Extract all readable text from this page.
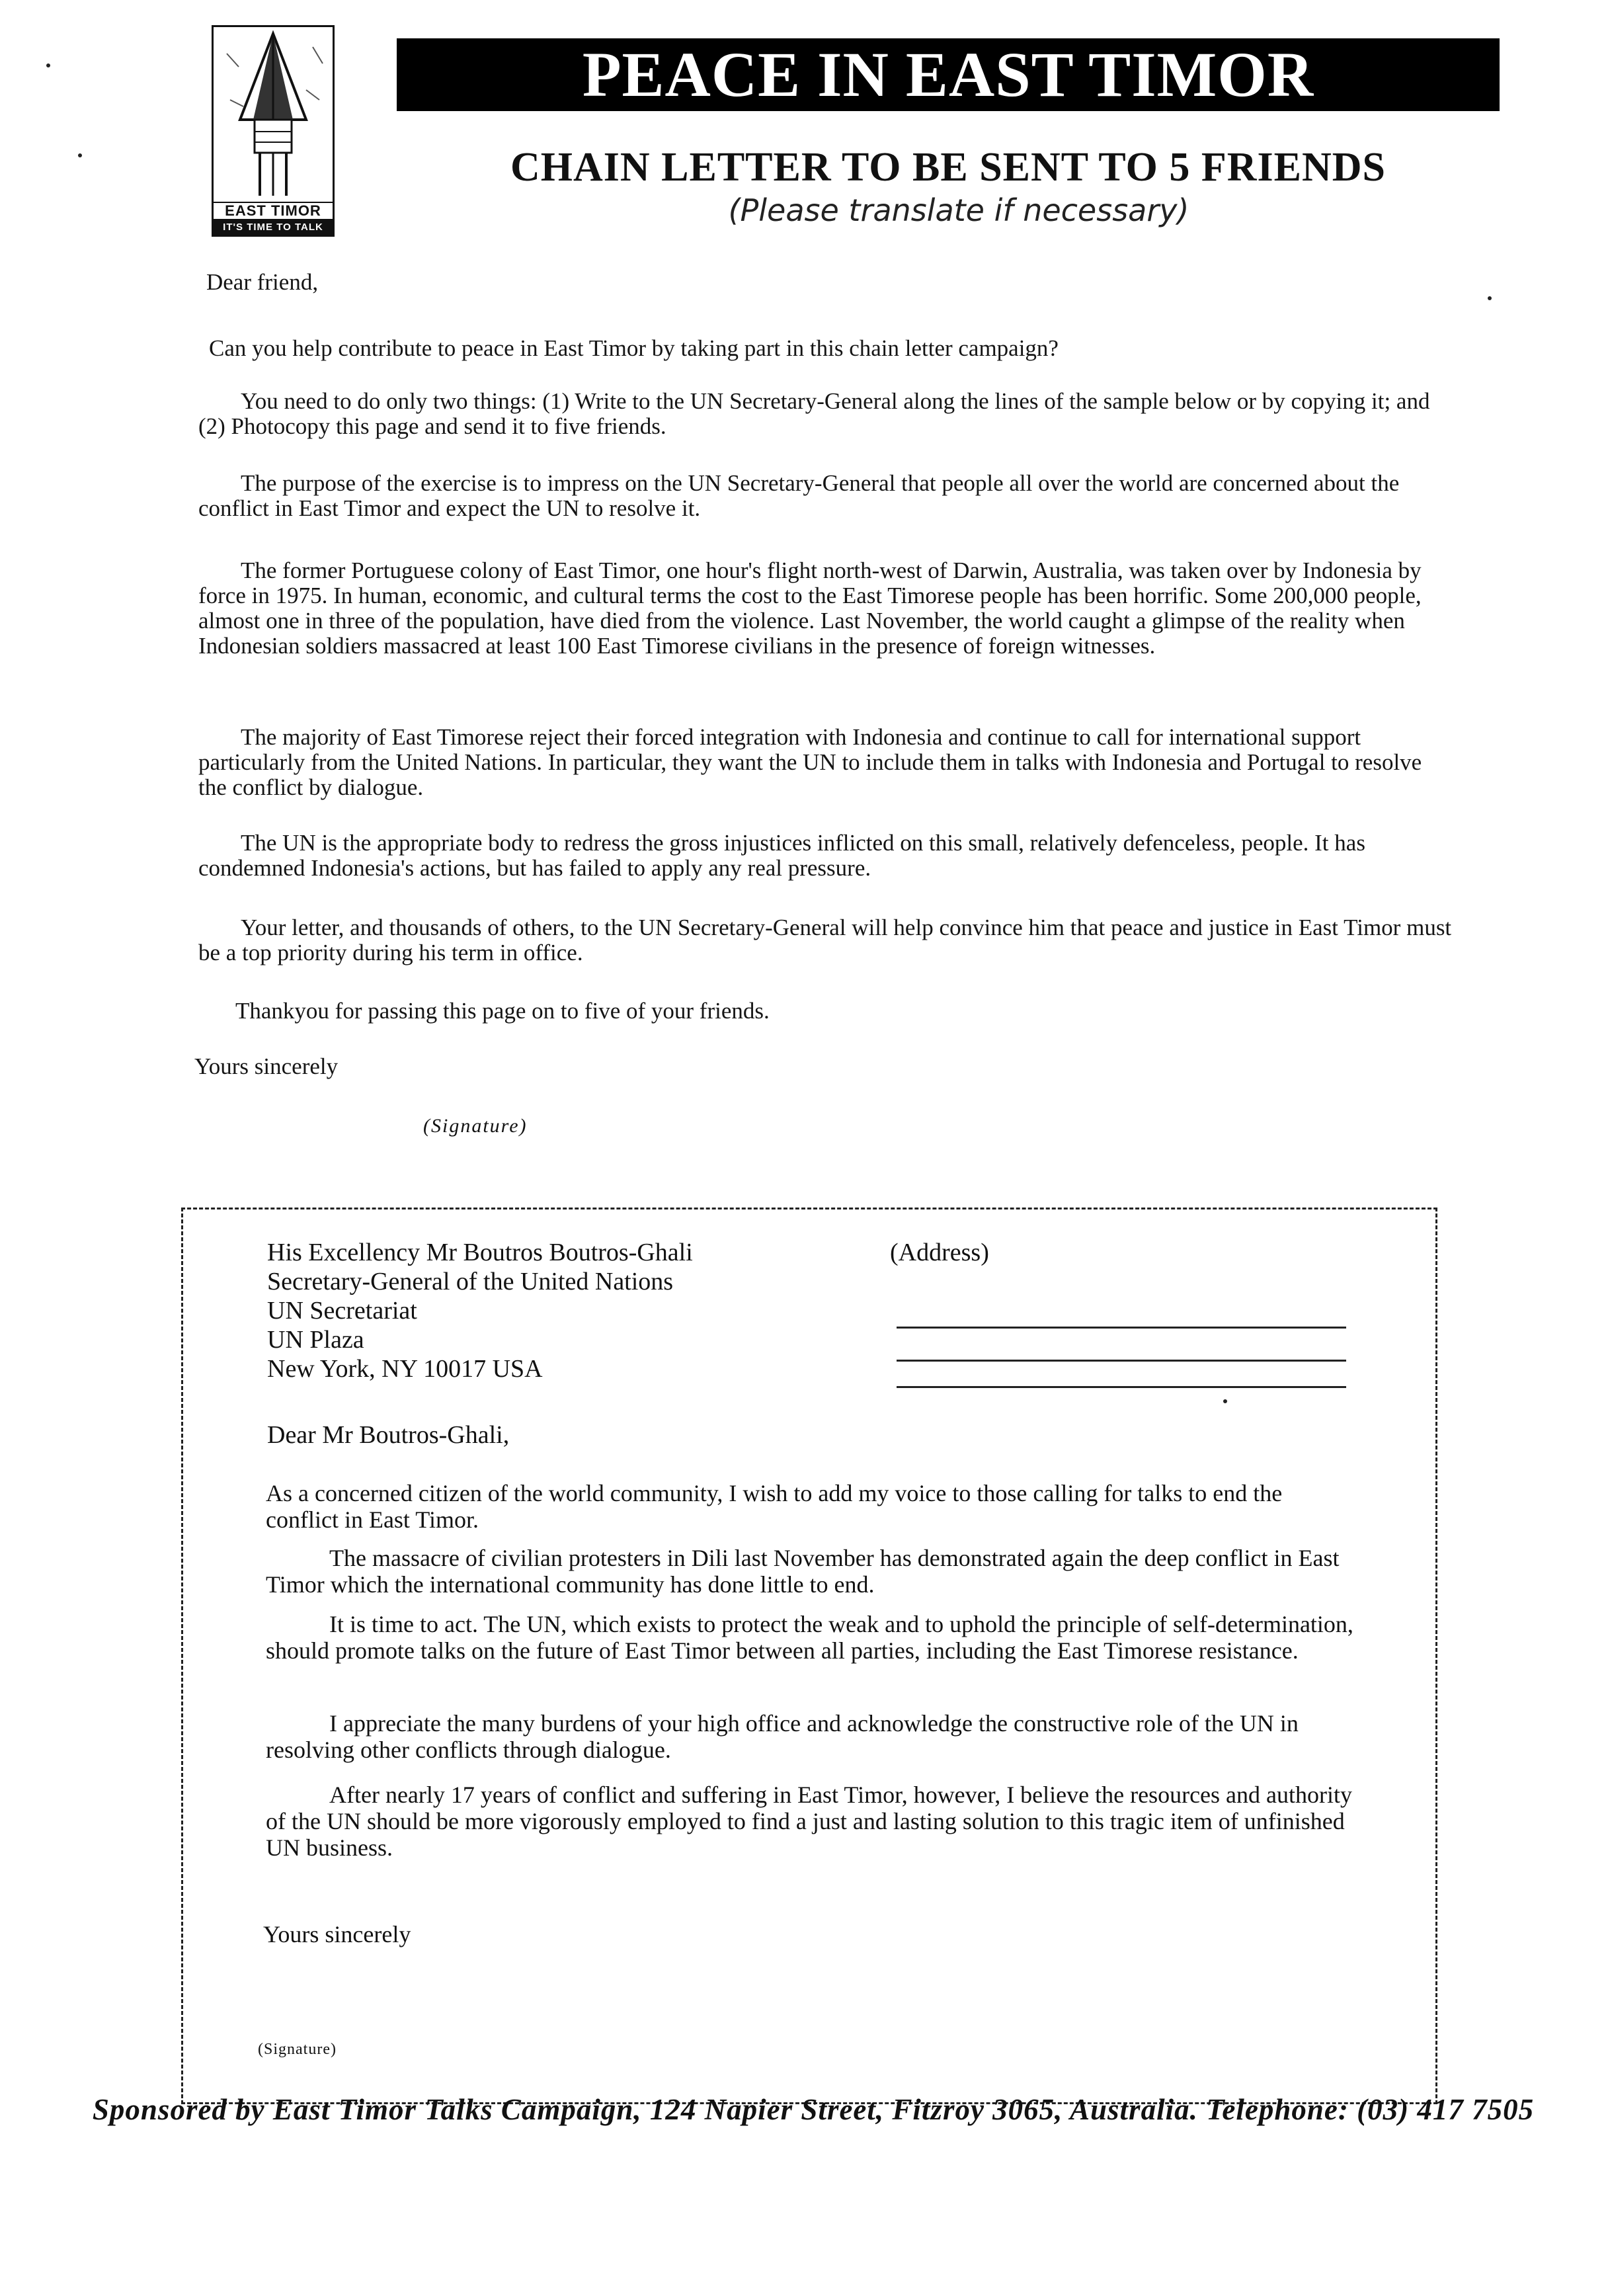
EAST TIMOR
IT'S TIME TO TALK
PEACE IN EAST TIMOR
CHAIN LETTER TO BE SENT TO 5 FRIENDS
(Please translate if necessary)
Dear friend,
Can you help contribute to peace in East Timor by taking part in this chain letter campaign?
You need to do only two things: (1) Write to the UN Secretary-General along the lines of the sample below or by copying it; and (2) Photocopy this page and send it to five friends.
The purpose of the exercise is to impress on the UN Secretary-General that people all over the world are concerned about the conflict in East Timor and expect the UN to resolve it.
The former Portuguese colony of East Timor, one hour's flight north-west of Darwin, Australia, was taken over by Indonesia by force in 1975. In human, economic, and cultural terms the cost to the East Timorese people has been horrific. Some 200,000 people, almost one in three of the population, have died from the violence. Last November, the world caught a glimpse of the reality when Indonesian soldiers massacred at least 100 East Timorese civilians in the presence of foreign witnesses.
The majority of East Timorese reject their forced integration with Indonesia and continue to call for international support particularly from the United Nations. In particular, they want the UN to include them in talks with Indonesia and Portugal to resolve the conflict by dialogue.
The UN is the appropriate body to redress the gross injustices inflicted on this small, relatively defenceless, people. It has condemned Indonesia's actions, but has failed to apply any real pressure.
Your letter, and thousands of others, to the UN Secretary-General will help convince him that peace and justice in East Timor must be a top priority during his term in office.
Thankyou for passing this page on to five of your friends.
Yours sincerely
(Signature)
His Excellency Mr Boutros Boutros-Ghali
Secretary-General of the United Nations
UN Secretariat
UN Plaza
New York, NY 10017 USA
(Address)
Dear Mr Boutros-Ghali,
As a concerned citizen of the world community, I wish to add my voice to those calling for talks to end the conflict in East Timor.
The massacre of civilian protesters in Dili last November has demonstrated again the deep conflict in East Timor which the international community has done little to end.
It is time to act. The UN, which exists to protect the weak and to uphold the principle of self-determination, should promote talks on the future of East Timor between all parties, including the East Timorese resistance.
I appreciate the many burdens of your high office and acknowledge the constructive role of the UN in resolving other conflicts through dialogue.
After nearly 17 years of conflict and suffering in East Timor, however, I believe the resources and authority of the UN should be more vigorously employed to find a just and lasting solution to this tragic item of unfinished UN business.
Yours sincerely
(Signature)
Sponsored by East Timor Talks Campaign, 124 Napier Street, Fitzroy 3065, Australia. Telephone: (03) 417 7505
